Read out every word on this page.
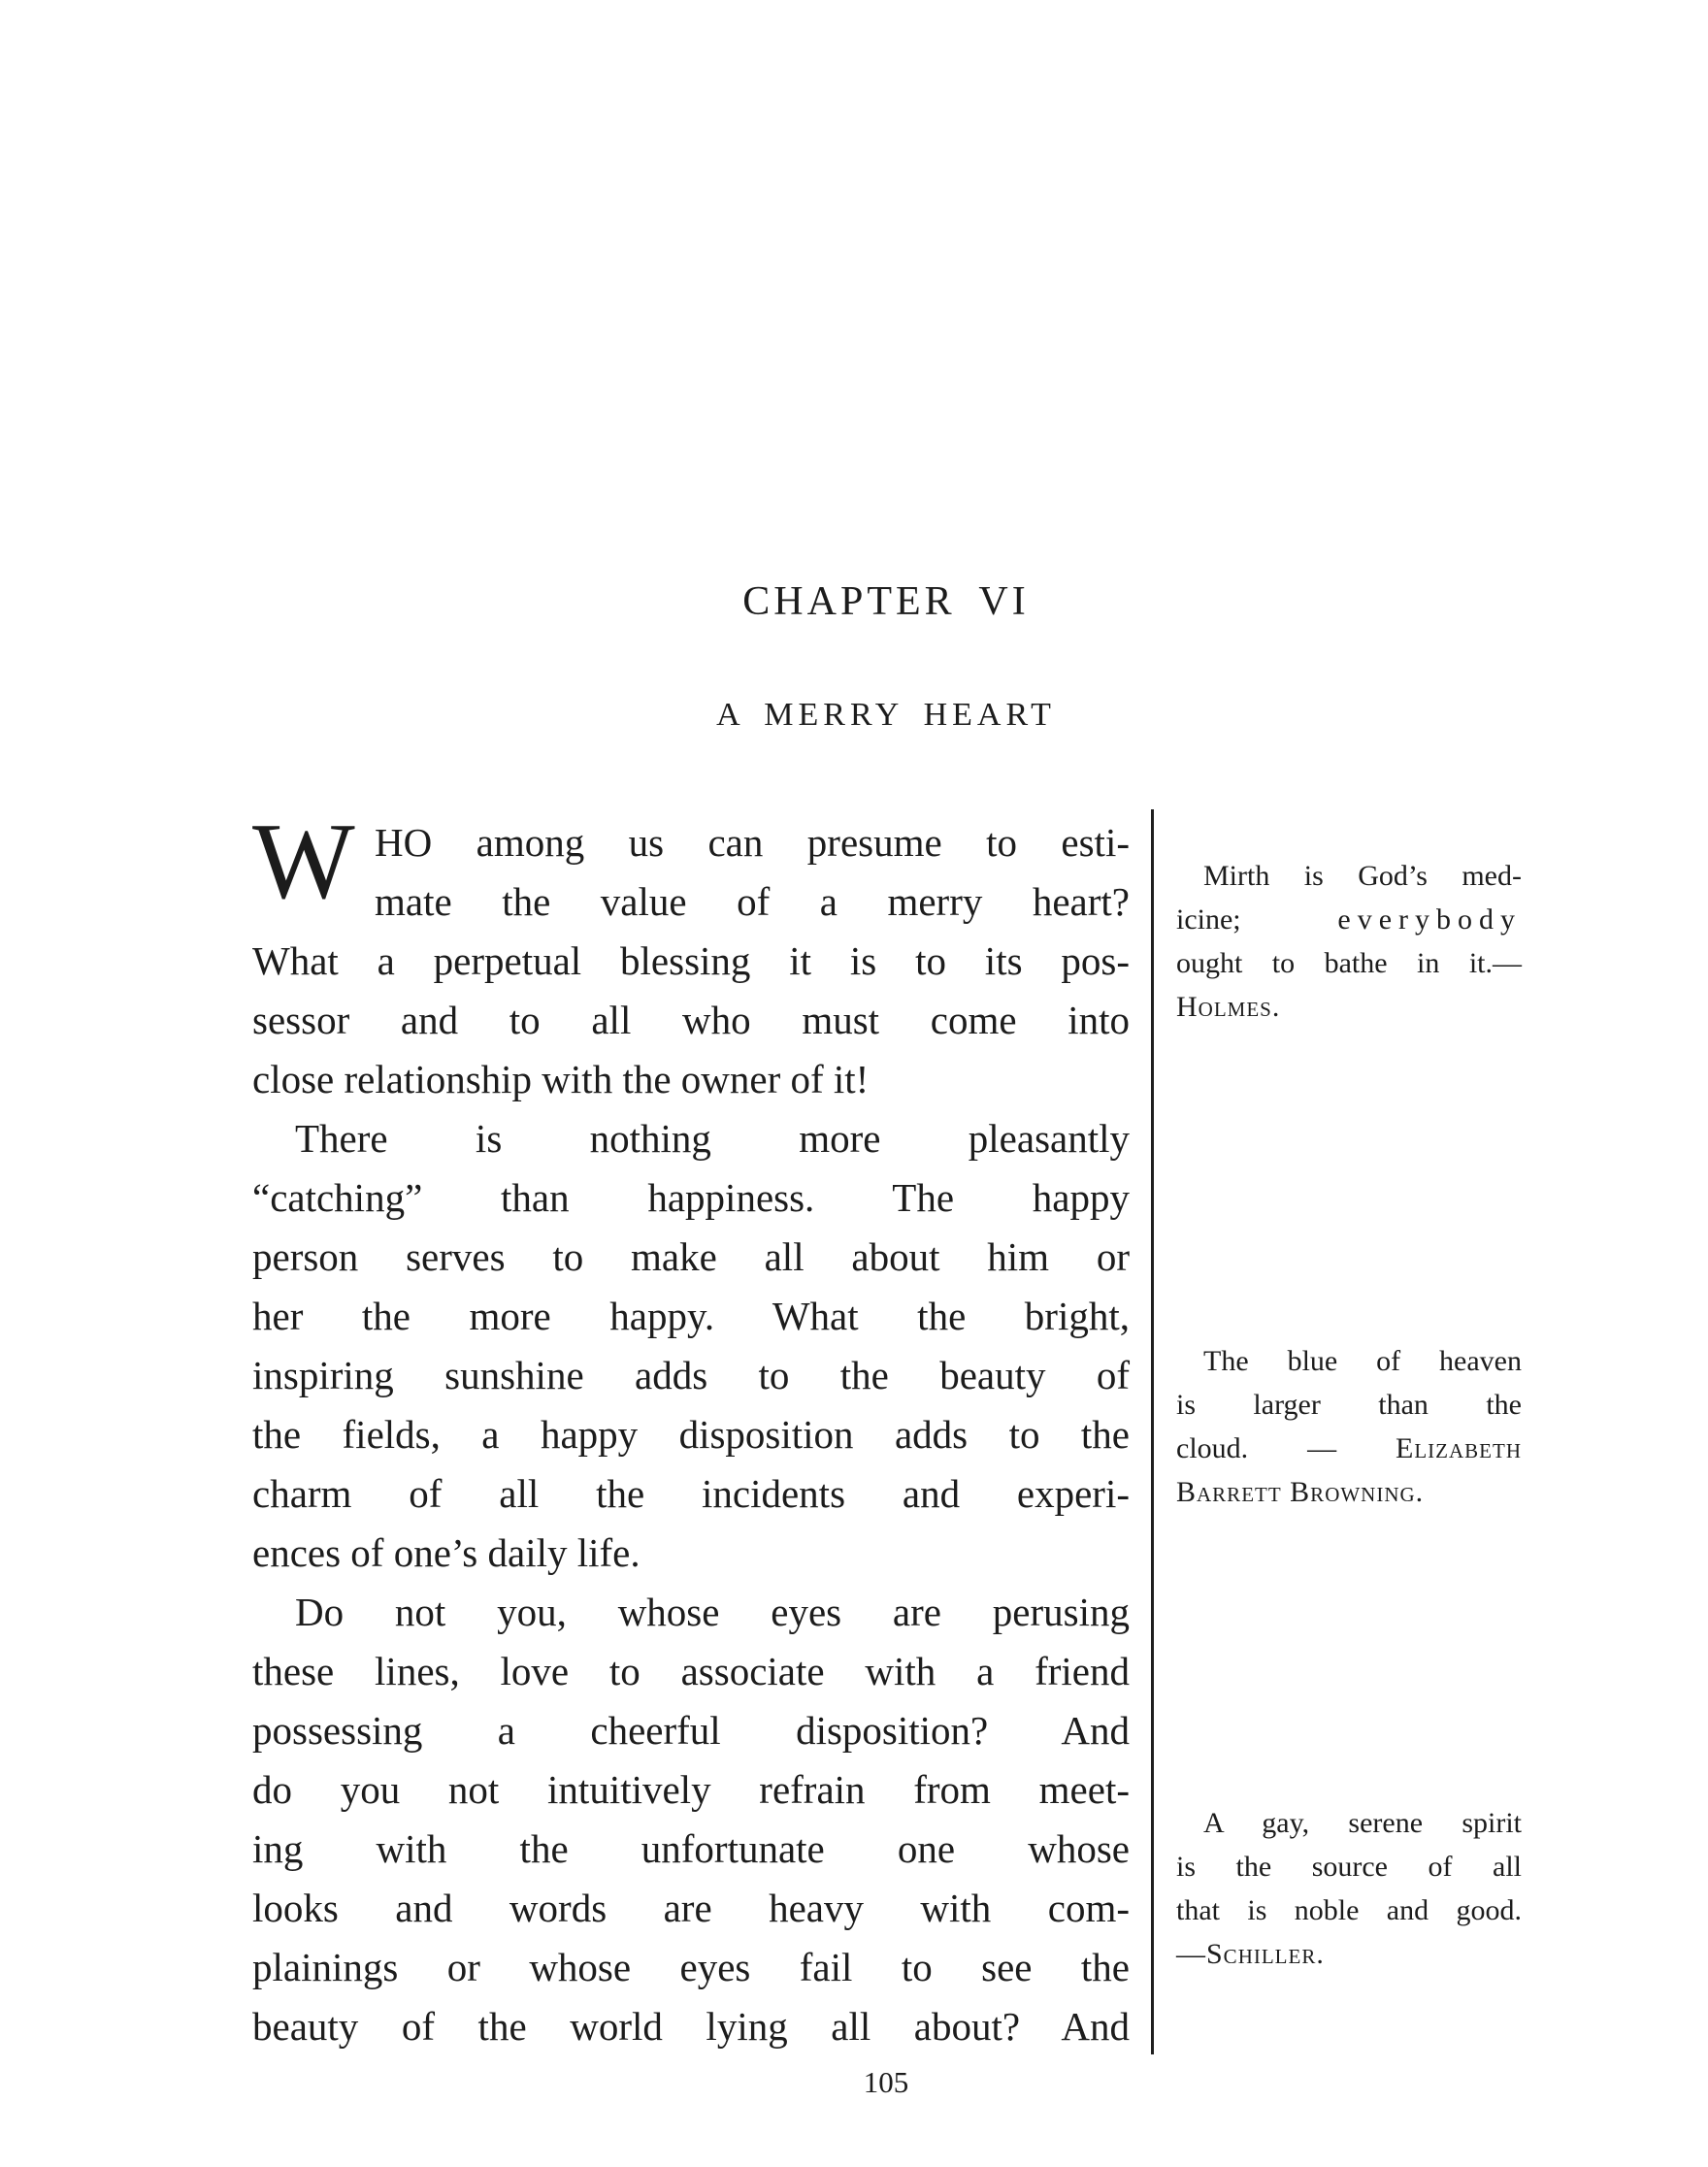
CHAPTER VI
A MERRY HEART
W HO among us can presume to esti-
mate the value of a merry heart?
What a perpetual blessing it is to its pos-
sessor and to all who must come into
close relationship with the owner of it!
There is nothing more pleasantly
“catching” than happiness. The happy
person serves to make all about him or
her the more happy. What the bright,
inspiring sunshine adds to the beauty of
the fields, a happy disposition adds to the
charm of all the incidents and experi-
ences of one’s daily life.
Do not you, whose eyes are perusing
these lines, love to associate with a friend
possessing a cheerful disposition? And
do you not intuitively refrain from meet-
ing with the unfortunate one whose
looks and words are heavy with com-
plainings or whose eyes fail to see the
beauty of the world lying all about? And
Mirth is God’s med-
icine; everybody
ought to bathe in it.—
Holmes.
The blue of heaven
is larger than the
cloud. — Elizabeth
Barrett Browning.
A gay, serene spirit
is the source of all
that is noble and good.
—Schiller.
105
